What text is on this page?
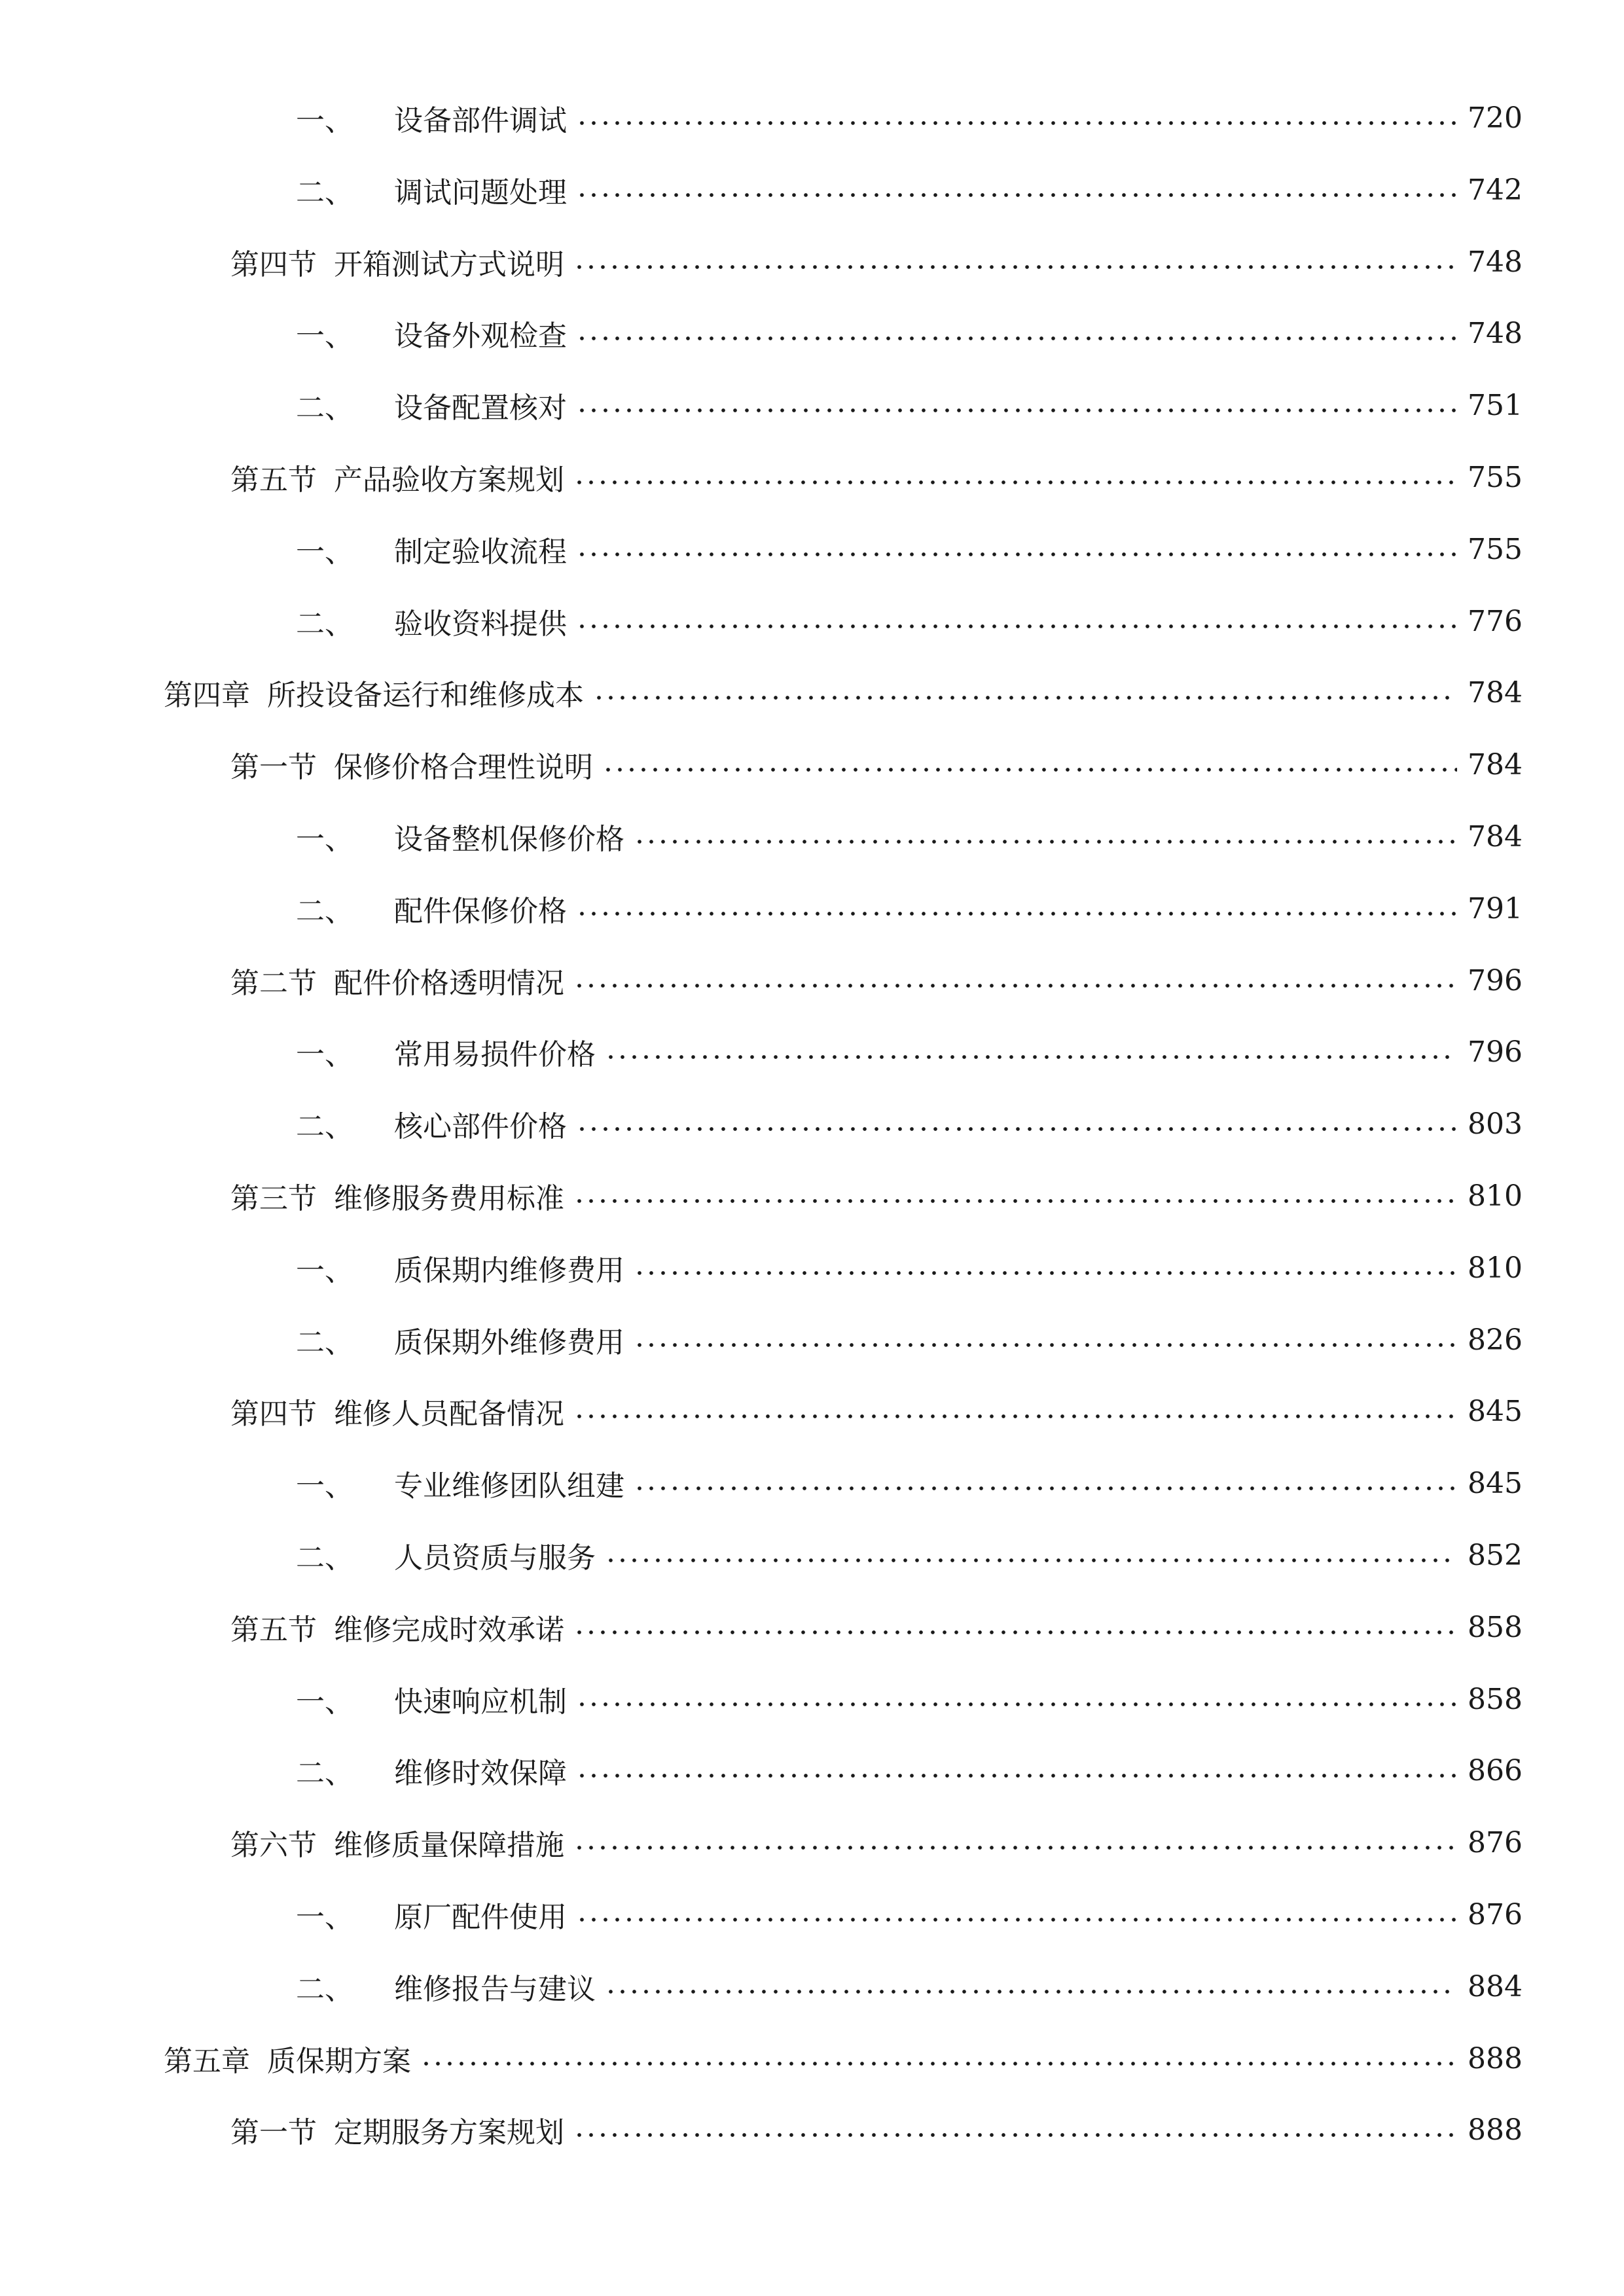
一、 设备部件调试	720
二、 调试问题处理	742
第四节 开箱测试方式说明	748
一、 设备外观检查	748
二、 设备配置核对	751
第五节 产品验收方案规划	755
一、 制定验收流程	755
二、 验收资料提供	776
第四章 所投设备运行和维修成本	784
第一节 保修价格合理性说明	784
一、 设备整机保修价格	784
二、 配件保修价格	791
第二节 配件价格透明情况	796
一、 常用易损件价格	796
二、 核心部件价格	803
第三节 维修服务费用标准	810
一、 质保期内维修费用	810
二、 质保期外维修费用	826
第四节 维修人员配备情况	845
一、 专业维修团队组建	845
二、 人员资质与服务	852
第五节 维修完成时效承诺	858
一、 快速响应机制	858
二、 维修时效保障	866
第六节 维修质量保障措施	876
一、 原厂配件使用	876
二、 维修报告与建议	884
第五章 质保期方案	888
第一节 定期服务方案规划	888
